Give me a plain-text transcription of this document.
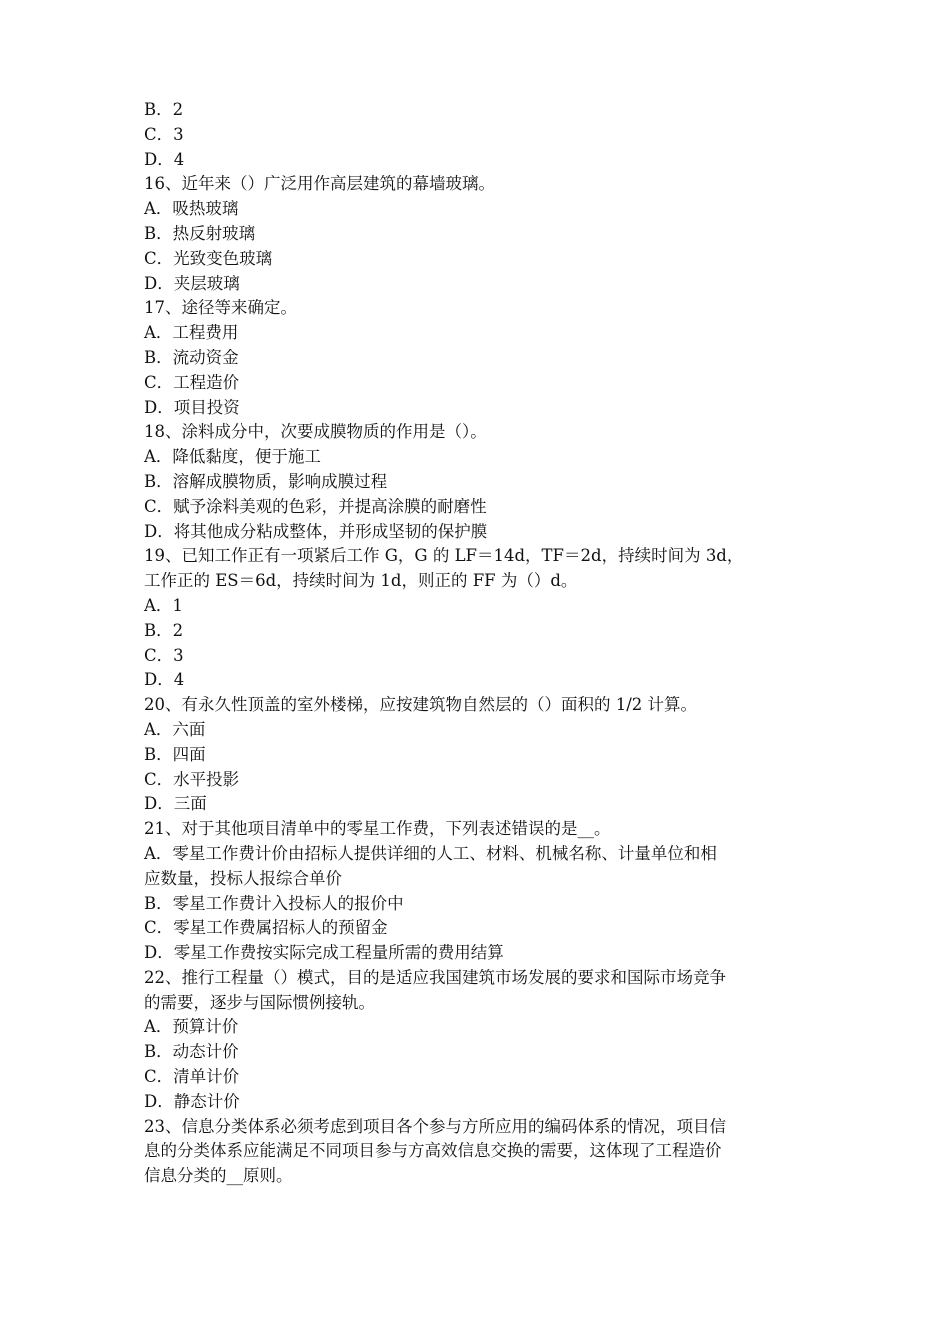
B．2
C．3
D．4
16、近年来（）广泛用作高层建筑的幕墙玻璃。
A．吸热玻璃
B．热反射玻璃
C．光致变色玻璃
D．夹层玻璃
17、途径等来确定。
A．工程费用
B．流动资金
C．工程造价
D．项目投资
18、涂料成分中，次要成膜物质的作用是（）。
A．降低黏度，便于施工
B．溶解成膜物质，影响成膜过程
C．赋予涂料美观的色彩，并提高涂膜的耐磨性
D．将其他成分粘成整体，并形成坚韧的保护膜
19、已知工作正有一项紧后工作 G，G 的 LF＝14d，TF＝2d，持续时间为 3d，
工作正的 ES＝6d，持续时间为 1d，则正的 FF 为（）d。
A．1
B．2
C．3
D．4
20、有永久性顶盖的室外楼梯，应按建筑物自然层的（）面积的 1/2 计算。
A．六面
B．四面
C．水平投影
D．三面
21、对于其他项目清单中的零星工作费，下列表述错误的是__。
A．零星工作费计价由招标人提供详细的人工、材料、机械名称、计量单位和相
应数量，投标人报综合单价
B．零星工作费计入投标人的报价中
C．零星工作费属招标人的预留金
D．零星工作费按实际完成工程量所需的费用结算
22、推行工程量（）模式，目的是适应我国建筑市场发展的要求和国际市场竞争
的需要，逐步与国际惯例接轨。
A．预算计价
B．动态计价
C．清单计价
D．静态计价
23、信息分类体系必须考虑到项目各个参与方所应用的编码体系的情况，项目信
息的分类体系应能满足不同项目参与方高效信息交换的需要，这体现了工程造价
信息分类的__原则。
